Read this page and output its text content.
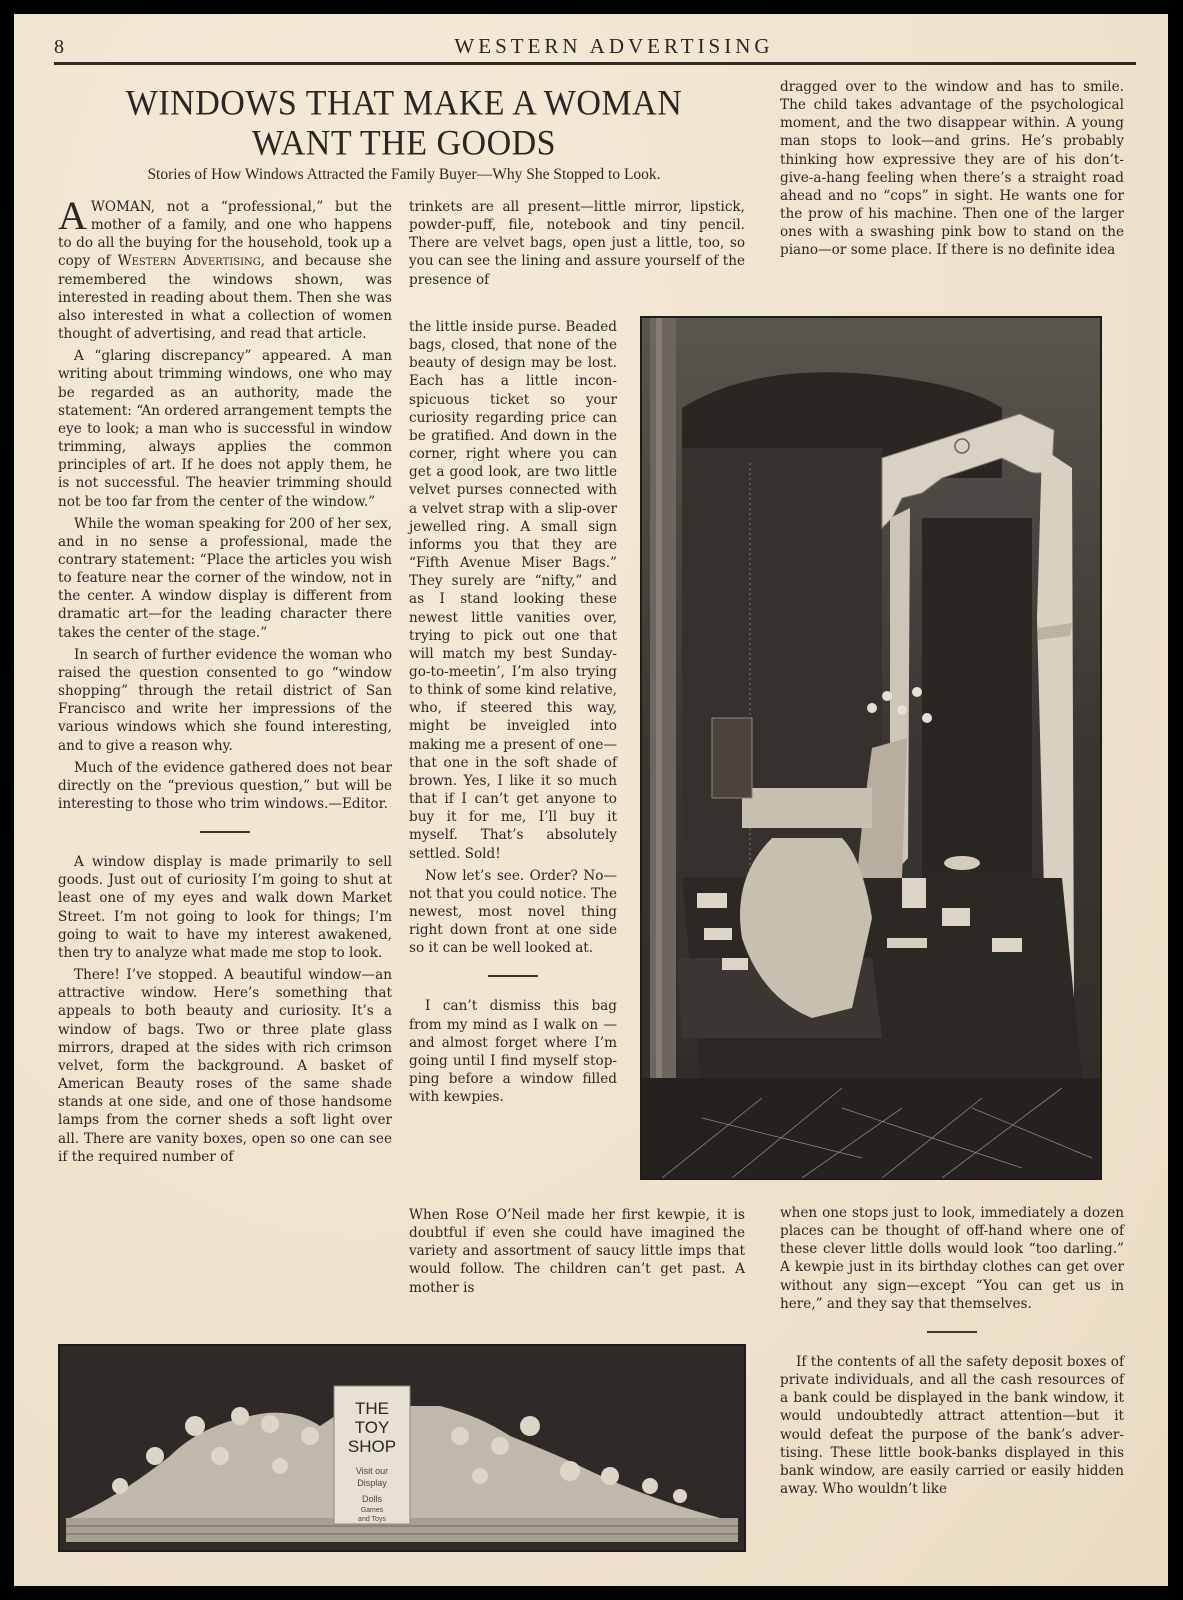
8	WESTERN ADVERTISING
WINDOWS THAT MAKE A WOMAN
WANT THE GOODS
Stories of How Windows Attracted the Family Buyer—Why She Stopped to Look.

AWOMAN, not a “professional,” but the mother of a family, and one who happens to do all the buying for the household, took up a copy of Western Advertising, and because she remembered the windows shown, was interested in reading about them. Then she was also interested in what a collection of women thought of advertising, and read that article.

A “glaring discrepancy” appeared. A man writing about trimming windows, one who may be regarded as an authority, made the statement: “An ordered arrangement tempts the eye to look; a man who is successful in window trimming, always applies the common principles of art. If he does not apply them, he is not successful. The heavier trimming should not be too far from the center of the window.”

While the woman speaking for 200 of her sex, and in no sense a professional, made the contrary statement: “Place the articles you wish to feature near the corner of the window, not in the center. A window display is different from dramatic art—for the leading character there takes the center of the stage.”

In search of further evidence the woman who raised the question consented to go “window shopping” through the retail district of San Francisco and write her impressions of the various windows which she found interesting, and to give a reason why.

Much of the evidence gathered does not bear directly on the “previous question,” but will be interesting to those who trim windows.—Editor.

A window display is made primarily to sell goods. Just out of curiosity I’m going to shut at least one of my eyes and walk down Market Street. I’m not going to look for things; I’m going to wait to have my interest awakened, then try to analyze what made me stop to look.

There! I’ve stopped. A beautiful window—an attractive window. Here’s something that appeals to both beauty and curiosity. It’s a window of bags. Two or three plate glass mirrors, draped at the sides with rich crimson velvet, form the background. A basket of American Beauty roses of the same shade stands at one side, and one of those handsome lamps from the corner sheds a soft light over all. There are vanity boxes, open so one can see if the required number of

trinkets are all present—little mirror, lipstick, powder-puff, file, notebook and tiny pencil. There are velvet bags, open just a little, too, so you can see the lining and assure yourself of the presence of

the little inside purse. Beaded bags, closed, that none of the beauty of design may be lost. Each has a little inconspicuous ticket so your curiosity regarding price can be gratified. And down in the corner, right where you can get a good look, are two little velvet purses connected with a velvet strap with a slip-over jewelled ring. A small sign informs you that they are “Fifth Avenue Miser Bags.” They surely are “nifty,” and as I stand looking these newest little vanities over, trying to pick out one that will match my best Sunday-go-to-meetin’, I’m also trying to think of some kind relative, who, if steered this way, might be inveigled into making me a present of one—that one in the soft shade of brown. Yes, I like it so much that if I can’t get anyone to buy it for me, I’ll buy it myself. That’s absolutely settled. Sold!

Now let’s see. Order? No—not that you could notice. The newest, most novel thing right down front at one side so it can be well looked at.

I can’t dismiss this bag from my mind as I walk on — and almost forget where I’m going until I find myself stopping before a window filled with kewpies.

When Rose O’Neil made her first kewpie, it is doubtful if even she could have imagined the variety and assortment of saucy little imps that would follow. The children can’t get past. A mother is

dragged over to the window and has to smile. The child takes advantage of the psychological moment, and the two disappear within. A young man stops to look—and grins. He’s probably thinking how expressive they are of his don’t-give-a-hang feeling when there’s a straight road ahead and no “cops” in sight. He wants one for the prow of his machine. Then one of the larger ones with a swashing pink bow to stand on the piano—or some place. If there is no definite idea

when one stops just to look, immediately a dozen places can be thought of off-hand where one of these clever little dolls would look “too darling.” A kewpie just in its birthday clothes can get over without any sign—except “You can get us in here,” and they say that themselves.

If the contents of all the safety deposit boxes of private individuals, and all the cash resources of a bank could be displayed in the bank window, it would undoubtedly attract attention—but it would defeat the purpose of the bank’s advertising. These little book-banks displayed in this bank window, are easily carried or easily hidden away. Who wouldn’t like

THE
TOY
SHOP
Visit our
Display
Dolls
Games
and Toys
